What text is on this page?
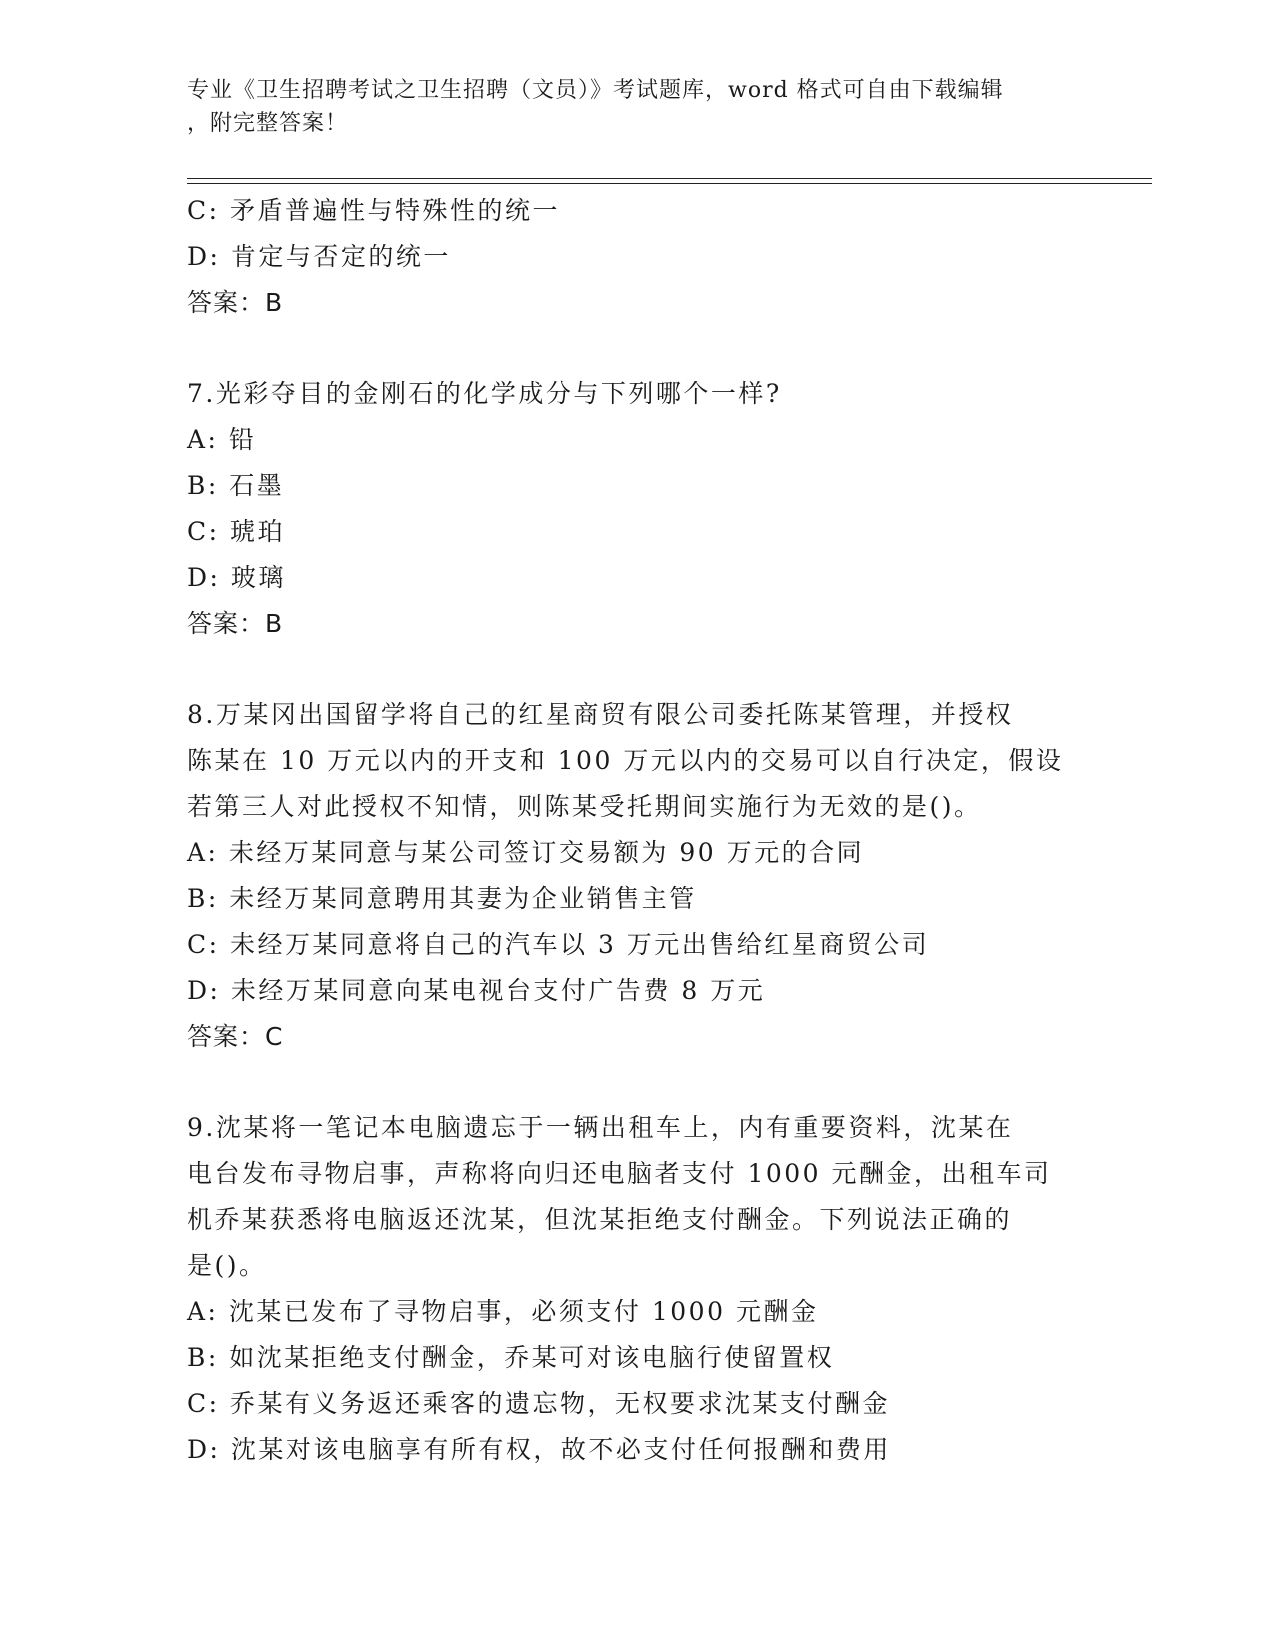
专业《卫生招聘考试之卫生招聘（文员）》考试题库，word 格式可自由下载编辑
，附完整答案！
C: 矛盾普遍性与特殊性的统一
D: 肯定与否定的统一
答案：B
7.光彩夺目的金刚石的化学成分与下列哪个一样?
A: 铅
B: 石墨
C: 琥珀
D: 玻璃
答案：B
8.万某冈出国留学将自己的红星商贸有限公司委托陈某管理，并授权
陈某在 10 万元以内的开支和 100 万元以内的交易可以自行决定，假设
若第三人对此授权不知情，则陈某受托期间实施行为无效的是()。
A: 未经万某同意与某公司签订交易额为 90 万元的合同
B: 未经万某同意聘用其妻为企业销售主管
C: 未经万某同意将自己的汽车以 3 万元出售给红星商贸公司
D: 未经万某同意向某电视台支付广告费 8 万元
答案：C
9.沈某将一笔记本电脑遗忘于一辆出租车上，内有重要资料，沈某在
电台发布寻物启事，声称将向归还电脑者支付 1000 元酬金，出租车司
机乔某获悉将电脑返还沈某，但沈某拒绝支付酬金。下列说法正确的
是()。
A: 沈某已发布了寻物启事，必须支付 1000 元酬金
B: 如沈某拒绝支付酬金，乔某可对该电脑行使留置权
C: 乔某有义务返还乘客的遗忘物，无权要求沈某支付酬金
D: 沈某对该电脑享有所有权，故不必支付任何报酬和费用
